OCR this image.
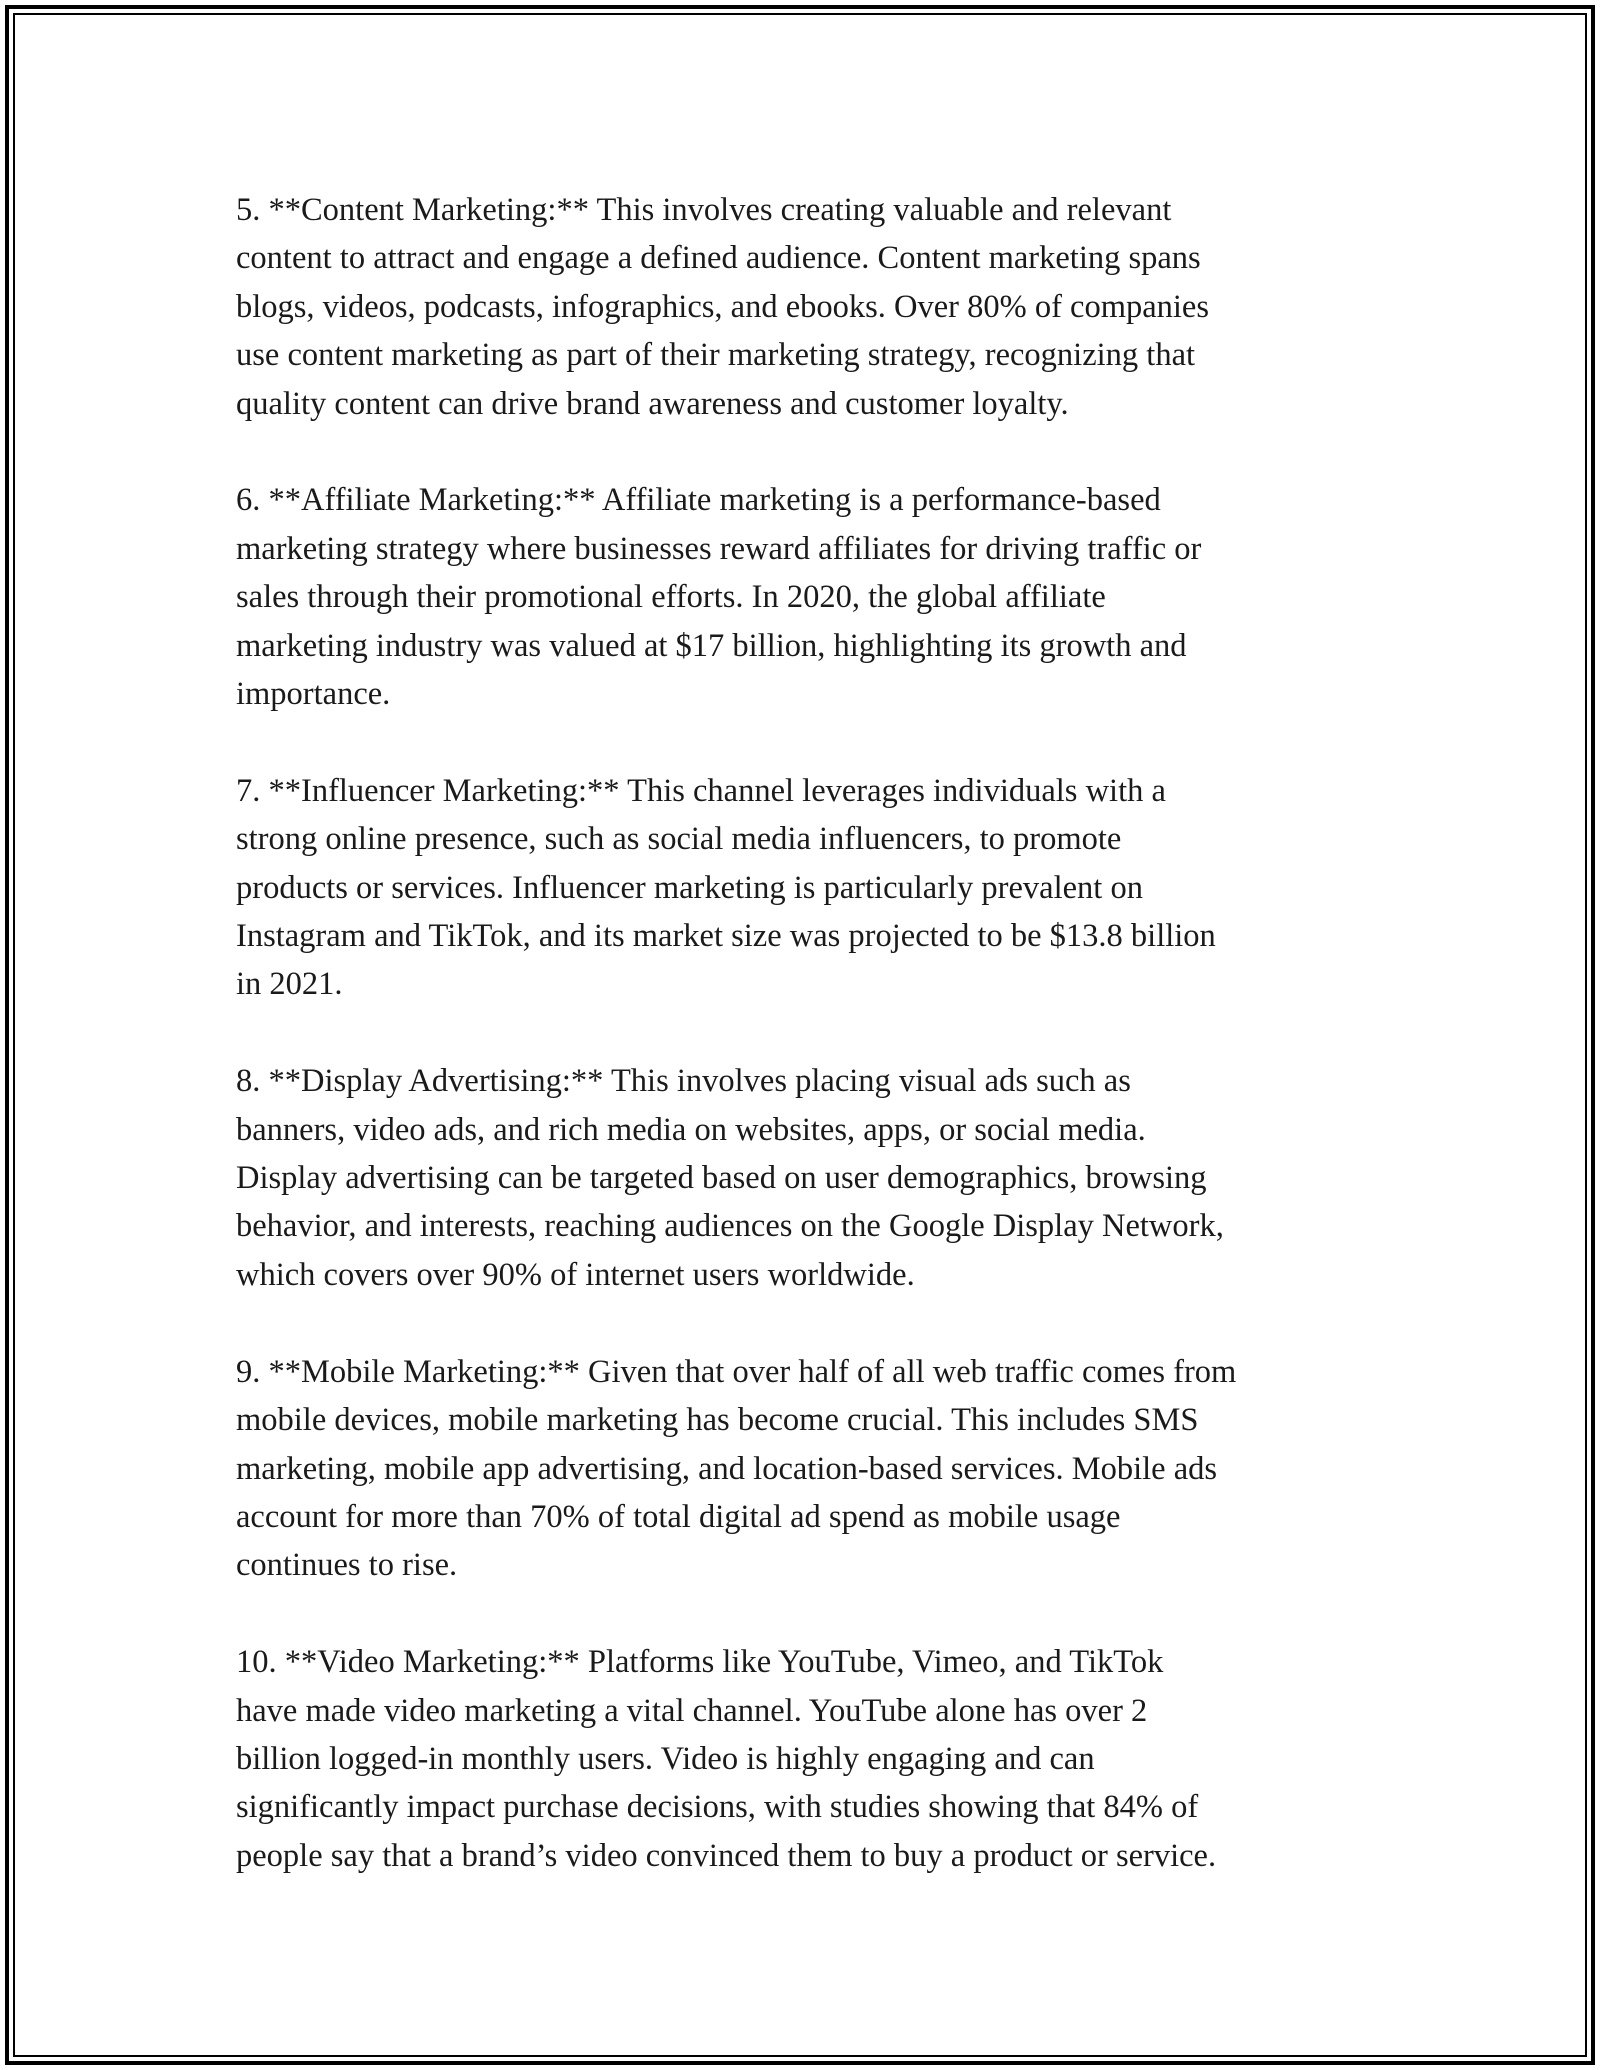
5. **Content Marketing:** This involves creating valuable and relevant
content to attract and engage a defined audience. Content marketing spans
blogs, videos, podcasts, infographics, and ebooks. Over 80% of companies
use content marketing as part of their marketing strategy, recognizing that
quality content can drive brand awareness and customer loyalty.

6. **Affiliate Marketing:** Affiliate marketing is a performance-based
marketing strategy where businesses reward affiliates for driving traffic or
sales through their promotional efforts. In 2020, the global affiliate
marketing industry was valued at $17 billion, highlighting its growth and
importance.

7. **Influencer Marketing:** This channel leverages individuals with a
strong online presence, such as social media influencers, to promote
products or services. Influencer marketing is particularly prevalent on
Instagram and TikTok, and its market size was projected to be $13.8 billion
in 2021.

8. **Display Advertising:** This involves placing visual ads such as
banners, video ads, and rich media on websites, apps, or social media.
Display advertising can be targeted based on user demographics, browsing
behavior, and interests, reaching audiences on the Google Display Network,
which covers over 90% of internet users worldwide.

9. **Mobile Marketing:** Given that over half of all web traffic comes from
mobile devices, mobile marketing has become crucial. This includes SMS
marketing, mobile app advertising, and location-based services. Mobile ads
account for more than 70% of total digital ad spend as mobile usage
continues to rise.

10. **Video Marketing:** Platforms like YouTube, Vimeo, and TikTok
have made video marketing a vital channel. YouTube alone has over 2
billion logged-in monthly users. Video is highly engaging and can
significantly impact purchase decisions, with studies showing that 84% of
people say that a brand’s video convinced them to buy a product or service.
